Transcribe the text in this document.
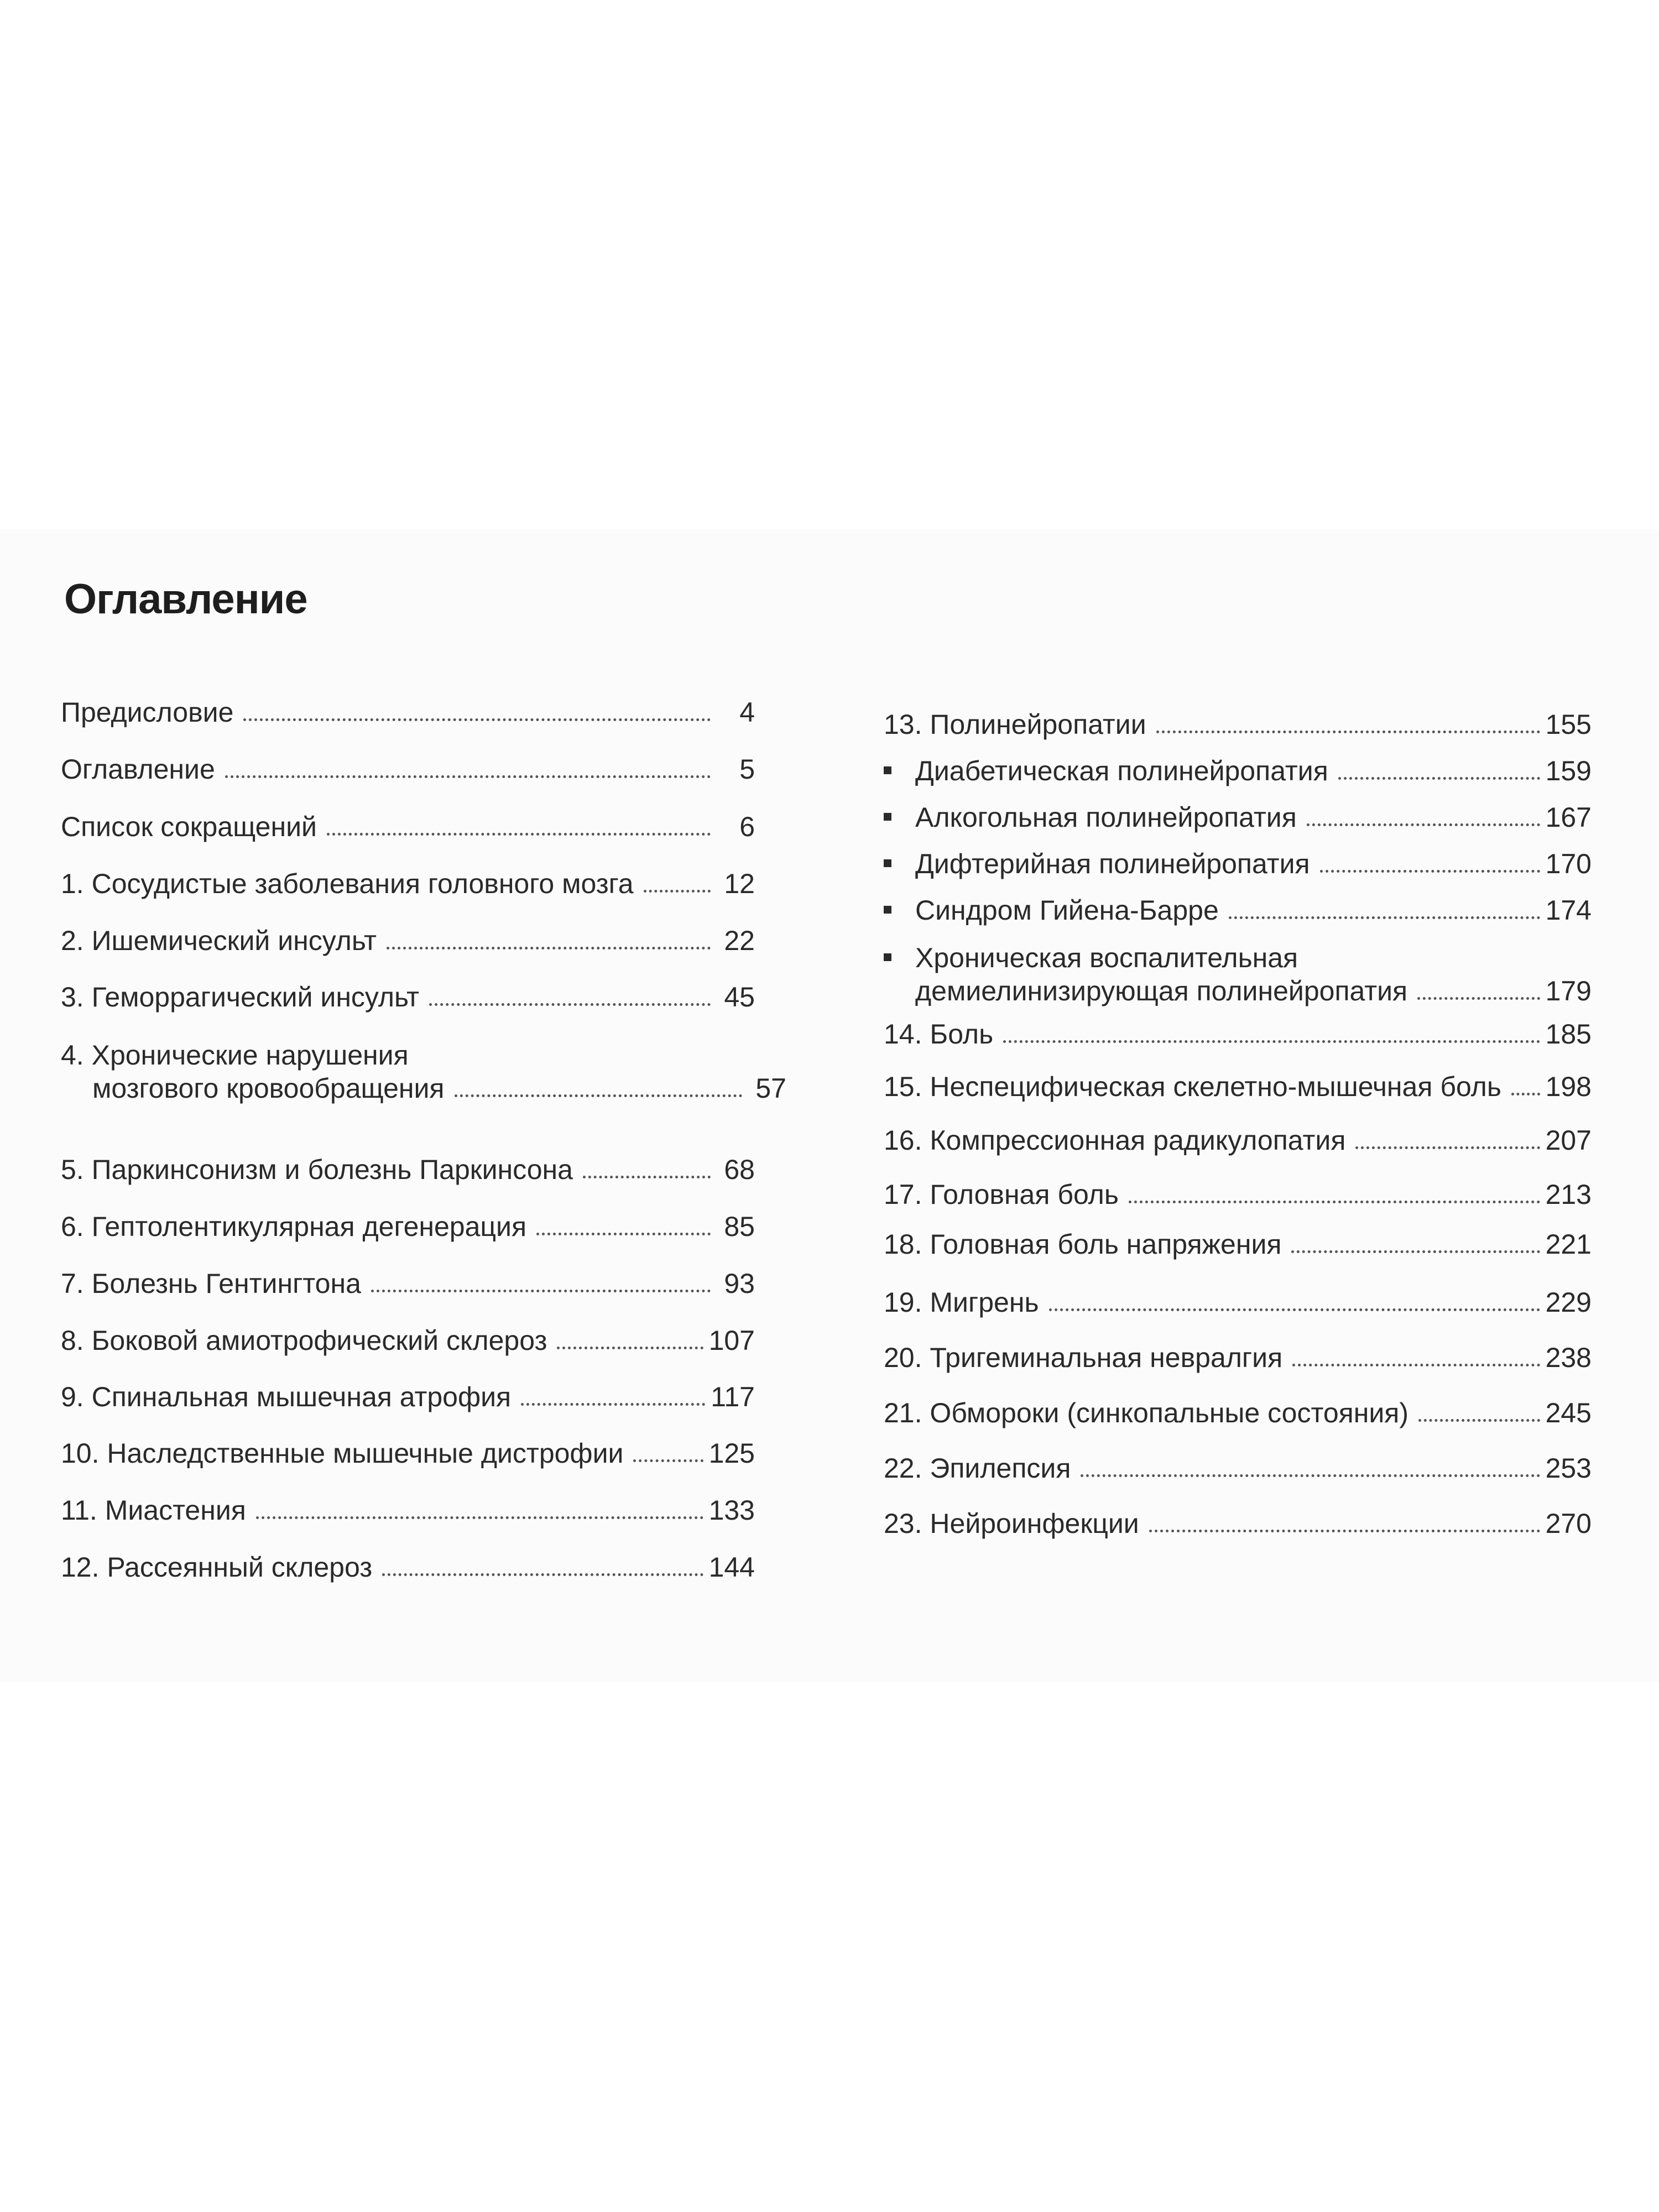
Оглавление
Предисловие	4
Оглавление	5
Список сокращений	6
1. Сосудистые заболевания головного мозга	12
2. Ишемический инсульт	22
3. Геморрагический инсульт	45
4. Хронические нарушения
мозгового кровообращения	57
5. Паркинсонизм и болезнь Паркинсона	68
6. Гептолентикулярная дегенерация	85
7. Болезнь Гентингтона	93
8. Боковой амиотрофический склероз	107
9. Спинальная мышечная атрофия	117
10. Наследственные мышечные дистрофии	125
11. Миастения	133
12. Рассеянный склероз	144
13. Полинейропатии	155
Диабетическая полинейропатия	159
Алкогольная полинейропатия	167
Дифтерийная полинейропатия	170
Синдром Гийена-Барре	174
Хроническая воспалительная
демиелинизирующая полинейропатия	179
14. Боль	185
15. Неспецифическая скелетно-мышечная боль 198
16. Компрессионная радикулопатия	207
17. Головная боль	213
18. Головная боль напряжения	221
19. Мигрень	229
20. Тригеминальная невралгия	238
21. Обмороки (синкопальные состояния)	245
22. Эпилепсия	253
23. Нейроинфекции	270
